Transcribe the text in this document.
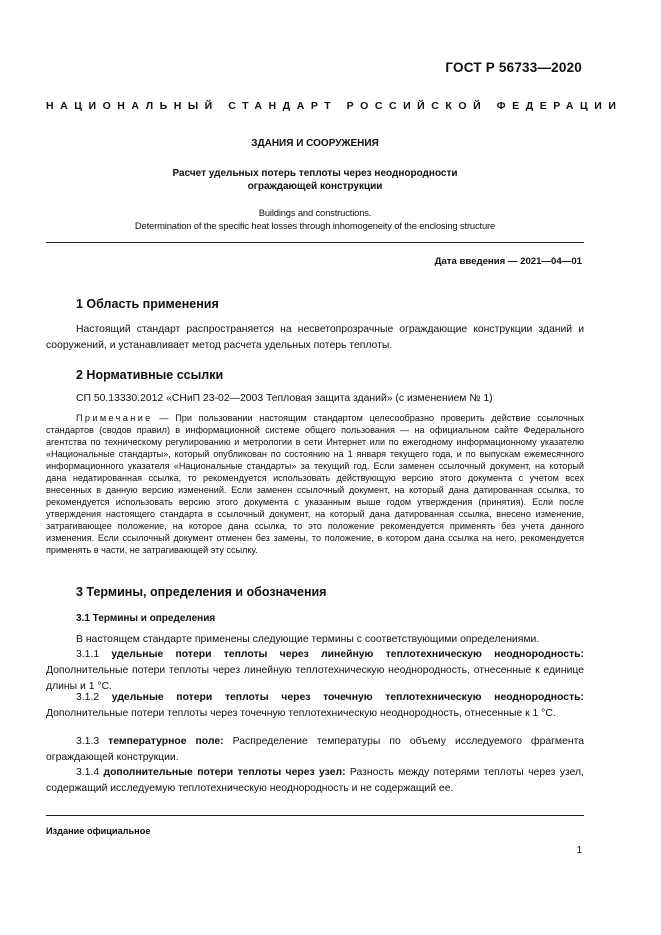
ГОСТ Р 56733—2020
НАЦИОНАЛЬНЫЙ СТАНДАРТ РОССИЙСКОЙ ФЕДЕРАЦИИ
ЗДАНИЯ И СООРУЖЕНИЯ
Расчет удельных потерь теплоты через неоднородности
ограждающей конструкции
Buildings and constructions.
Determination of the specific heat losses through inhomogeneity of the enclosing structure
Дата введения — 2021—04—01
1 Область применения
Настоящий стандарт распространяется на несветопрозрачные ограждающие конструкции зданий и сооружений, и устанавливает метод расчета удельных потерь теплоты.
2 Нормативные ссылки
СП 50.13330.2012 «СНиП 23-02—2003 Тепловая защита зданий» (с изменением № 1)
Примечание — При пользовании настоящим стандартом целесообразно проверить действие ссылочных стандартов (сводов правил) в информационной системе общего пользования — на официальном сайте Федерального агентства по техническому регулированию и метрологии в сети Интернет или по ежегодному информационному указателю «Национальные стандарты», который опубликован по состоянию на 1 января текущего года, и по выпускам ежемесячного информационного указателя «Национальные стандарты» за текущий год. Если заменен ссылочный документ, на который дана недатированная ссылка, то рекомендуется использовать действующую версию этого документа с учетом всех внесенных в данную версию изменений. Если заменен ссылочный документ, на который дана датированная ссылка, то рекомендуется использовать версию этого документа с указанным выше годом утверждения (принятия). Если после утверждения настоящего стандарта в ссылочный документ, на который дана датированная ссылка, внесено изменение, затрагивающее положение, на которое дана ссылка, то это положение рекомендуется применять без учета данного изменения. Если ссылочный документ отменен без замены, то положение, в котором дана ссылка на него, рекомендуется применять в части, не затрагивающей эту ссылку.
3 Термины, определения и обозначения
3.1 Термины и определения
В настоящем стандарте применены следующие термины с соответствующими определениями.
3.1.1 удельные потери теплоты через линейную теплотехническую неоднородность: Дополнительные потери теплоты через линейную теплотехническую неоднородность, отнесенные к единице длины и 1 °С.
3.1.2 удельные потери теплоты через точечную теплотехническую неоднородность: Дополнительные потери теплоты через точечную теплотехническую неоднородность, отнесенные к 1 °С.
3.1.3 температурное поле: Распределение температуры по объему исследуемого фрагмента ограждающей конструкции.
3.1.4 дополнительные потери теплоты через узел: Разность между потерями теплоты через узел, содержащий исследуемую теплотехническую неоднородность и не содержащий ее.
Издание официальное
1
